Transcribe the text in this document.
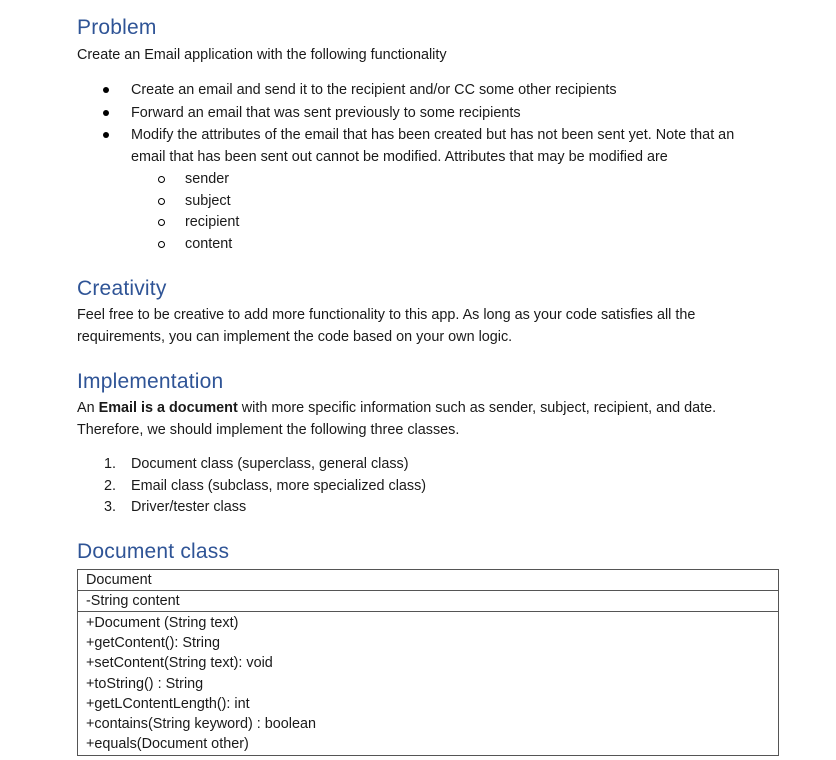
Problem
Create an Email application with the following functionality
Create an email and send it to the recipient and/or CC some other recipients
Forward an email that was sent previously to some recipients
Modify the attributes of the email that has been created but has not been sent yet. Note that an
email that has been sent out cannot be modified. Attributes that may be modified are
sender
subject
recipient
content
Creativity
Feel free to be creative to add more functionality to this app. As long as your code satisfies all the
requirements, you can implement the code based on your own logic.
Implementation
An Email is a document with more specific information such as sender, subject, recipient, and date.
Therefore, we should implement the following three classes.
1. Document class (superclass, general class)
2. Email class (subclass, more specialized class)
3. Driver/tester class
Document class
Document
-String content
+Document (String text)
+getContent(): String
+setContent(String text): void
+toString() : String
+getLContentLength(): int
+contains(String keyword) : boolean
+equals(Document other)
